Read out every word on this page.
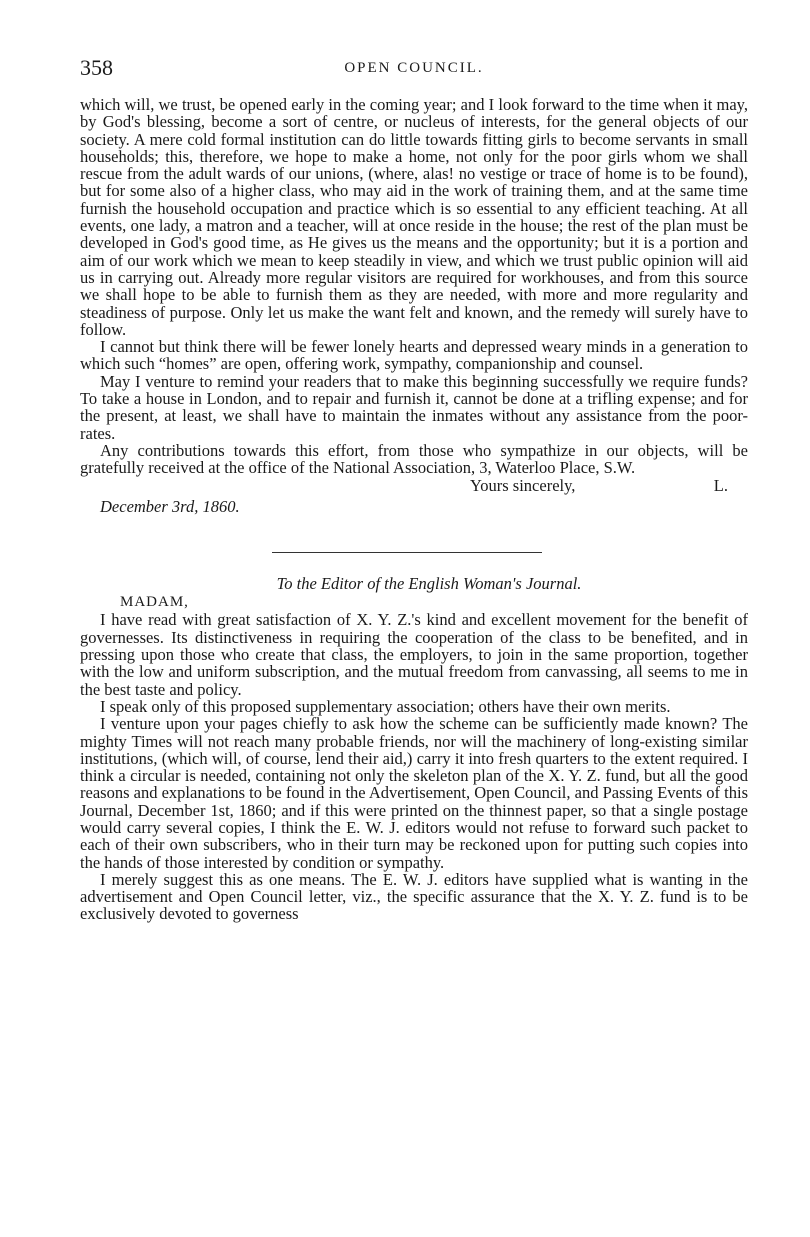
358	OPEN COUNCIL.

which will, we trust, be opened early in the coming year; and I look forward to the time when it may, by God's blessing, become a sort of centre, or nucleus of interests, for the general objects of our society. A mere cold formal institution can do little towards fitting girls to become servants in small households; this, therefore, we hope to make a home, not only for the poor girls whom we shall rescue from the adult wards of our unions, (where, alas! no vestige or trace of home is to be found), but for some also of a higher class, who may aid in the work of training them, and at the same time furnish the household occupation and practice which is so essential to any efficient teaching. At all events, one lady, a matron and a teacher, will at once reside in the house; the rest of the plan must be developed in God's good time, as He gives us the means and the opportunity; but it is a portion and aim of our work which we mean to keep steadily in view, and which we trust public opinion will aid us in carrying out. Already more regular visitors are required for workhouses, and from this source we shall hope to be able to furnish them as they are needed, with more and more regularity and steadiness of purpose. Only let us make the want felt and known, and the remedy will surely have to follow.

I cannot but think there will be fewer lonely hearts and depressed weary minds in a generation to which such “homes” are open, offering work, sympathy, companionship and counsel.

May I venture to remind your readers that to make this beginning successfully we require funds? To take a house in London, and to repair and furnish it, cannot be done at a trifling expense; and for the present, at least, we shall have to maintain the inmates without any assistance from the poor-rates.

Any contributions towards this effort, from those who sympathize in our objects, will be gratefully received at the office of the National Association, 3, Waterloo Place, S.W.

Yours sincerely,	L.
December 3rd, 1860.
To the Editor of the English Woman's Journal.
MADAM,

I have read with great satisfaction of X. Y. Z.'s kind and excellent movement for the benefit of governesses. Its distinctiveness in requiring the cooperation of the class to be benefited, and in pressing upon those who create that class, the employers, to join in the same proportion, together with the low and uniform subscription, and the mutual freedom from canvassing, all seems to me in the best taste and policy.

I speak only of this proposed supplementary association; others have their own merits.

I venture upon your pages chiefly to ask how the scheme can be sufficiently made known? The mighty Times will not reach many probable friends, nor will the machinery of long-existing similar institutions, (which will, of course, lend their aid,) carry it into fresh quarters to the extent required. I think a circular is needed, containing not only the skeleton plan of the X. Y. Z. fund, but all the good reasons and explanations to be found in the Advertisement, Open Council, and Passing Events of this Journal, December 1st, 1860; and if this were printed on the thinnest paper, so that a single postage would carry several copies, I think the E. W. J. editors would not refuse to forward such packet to each of their own subscribers, who in their turn may be reckoned upon for putting such copies into the hands of those interested by condition or sympathy.

I merely suggest this as one means. The E. W. J. editors have supplied what is wanting in the advertisement and Open Council letter, viz., the specific assurance that the X. Y. Z. fund is to be exclusively devoted to governess
